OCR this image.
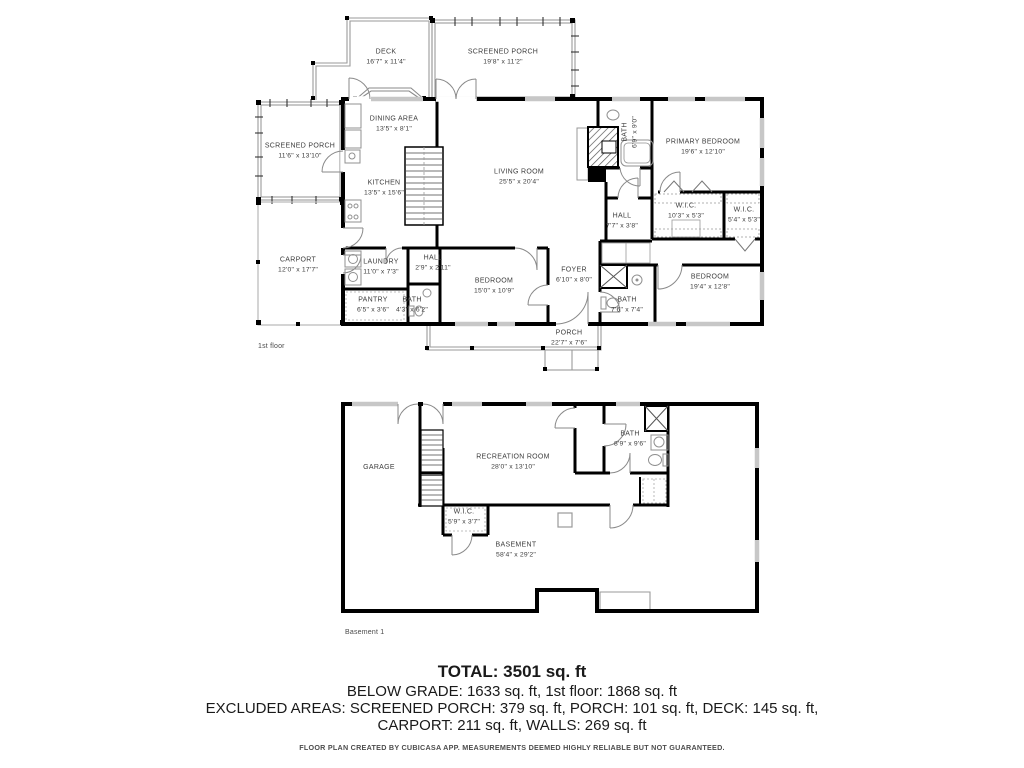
DECK
16'7" x 11'4"
SCREENED PORCH
19'8" x 11'2"
SCREENED PORCH
11'6" x 13'10"
DINING AREA
13'5" x 8'1"
KITCHEN
13'5" x 15'6"
LIVING ROOM
25'5" x 20'4"
BATH 6'9" x 9'0"	PRIMARY BEDROOM
19'6" x 12'10"
W.I.C.
10'3" x 5'3"
W.I.C.
5'4" x 5'3"
HALL
7'7" x 3'8"
CARPORT
12'0" x 17'7"
LAUNDRY
11'0" x 7'3"
HALL
2'9" x 2'11"
BEDROOM
15'0" x 10'9"
FOYER
6'10" x 8'0"
PANTRY
6'5" x 3'6"
BATH
4'3" x 6'2"
BATH
7'6" x 7'4"
BEDROOM
19'4" x 12'8"
PORCH
22'7" x 7'6"
1st floor
GARAGE
RECREATION ROOM
28'0" x 13'10"
BATH
8'9" x 9'6"
W.I.C.
5'9" x 3'7"
BASEMENT
58'4" x 29'2"
Basement 1
TOTAL: 3501 sq. ft
BELOW GRADE: 1633 sq. ft, 1st floor: 1868 sq. ft
EXCLUDED AREAS: SCREENED PORCH: 379 sq. ft, PORCH: 101 sq. ft, DECK: 145 sq. ft,
CARPORT: 211 sq. ft, WALLS: 269 sq. ft
FLOOR PLAN CREATED BY CUBICASA APP. MEASUREMENTS DEEMED HIGHLY RELIABLE BUT NOT GUARANTEED.
